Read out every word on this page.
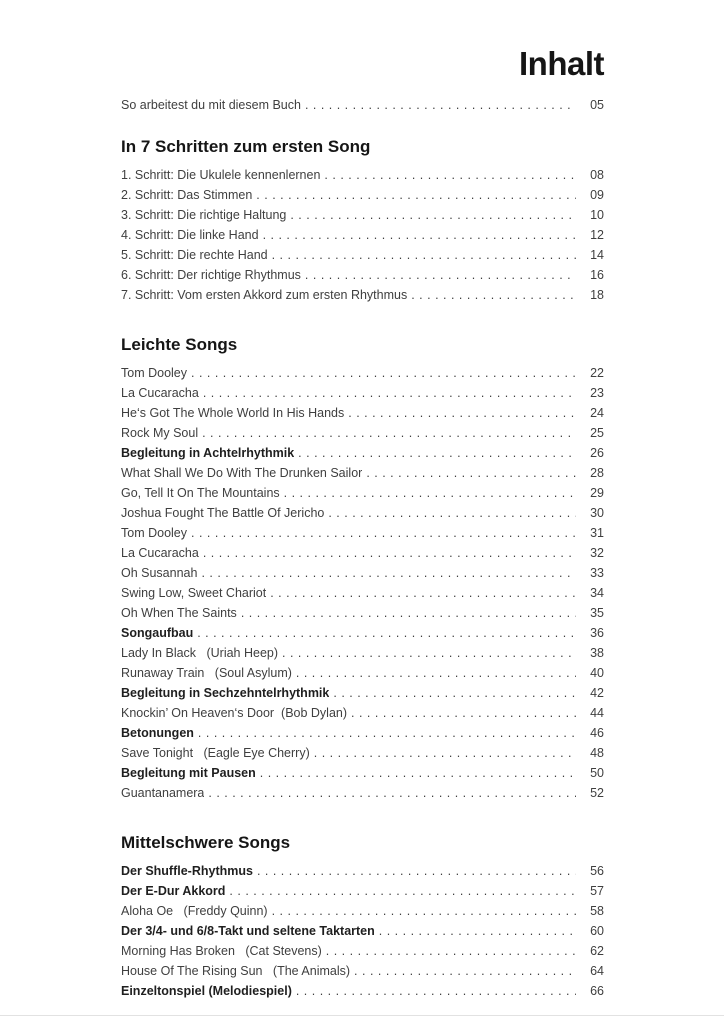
Inhalt
So arbeitest du mit diesem Buch . . .	05
In 7 Schritten zum ersten Song
1. Schritt: Die Ukulele kennenlernen . . .	08
2. Schritt: Das Stimmen . . .	09
3. Schritt: Die richtige Haltung . . .	10
4. Schritt: Die linke Hand . . .	12
5. Schritt: Die rechte Hand . . .	14
6. Schritt: Der richtige Rhythmus . . .	16
7. Schritt: Vom ersten Akkord zum ersten Rhythmus . . .	18
Leichte Songs
Tom Dooley . . .	22
La Cucaracha . . .	23
He‘s Got The Whole World In His Hands . . .	24
Rock My Soul . . .	25
Begleitung in Achtelrhythmik . . .	26
What Shall We Do With The Drunken Sailor . . .	28
Go, Tell It On The Mountains . . .	29
Joshua Fought The Battle Of Jericho . . .	30
Tom Dooley . . .	31
La Cucaracha . . .	32
Oh Susannah . . .	33
Swing Low, Sweet Chariot . . .	34
Oh When The Saints . . .	35
Songaufbau . . .	36
Lady In Black   (Uriah Heep) . . .	38
Runaway Train   (Soul Asylum) . . .	40
Begleitung in Sechzehntelrhythmik . . .	42
Knockin’ On Heaven‘s Door  (Bob Dylan) . . .	44
Betonungen . . .	46
Save Tonight   (Eagle Eye Cherry) . . .	48
Begleitung mit Pausen . . .	50
Guantanamera . . .	52
Mittelschwere Songs
Der Shuffle-Rhythmus . . .	56
Der E-Dur Akkord . . .	57
Aloha Oe   (Freddy Quinn) . . .	58
Der 3/4- und 6/8-Takt und seltene Taktarten . . .	60
Morning Has Broken   (Cat Stevens) . . .	62
House Of The Rising Sun   (The Animals) . . .	64
Einzeltonspiel (Melodiespiel) . . .	66
